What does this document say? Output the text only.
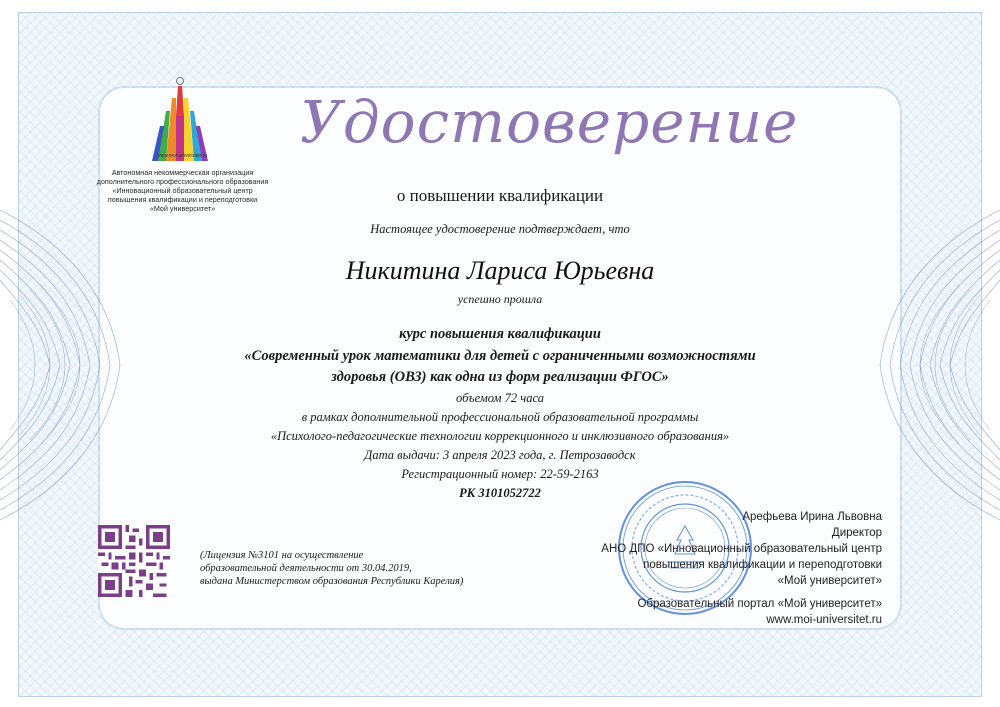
www.moi-universitet.ru
Автономная некоммерческая организация
дополнительного профессионального образования
«Инновационный образовательный центр
повышения квалификации и переподготовки
«Мой университет»
Удостоверение
о повышении квалификации
Настоящее удостоверение подтверждает, что
Никитина Лариса Юрьевна
успешно прошла
курс повышения квалификации
«Современный урок математики для детей с ограниченными возможностями
здоровья (ОВЗ) как одна из форм реализации ФГОС»
объемом 72 часа
в рамках дополнительной профессиональной образовательной программы
«Психолого-педагогические технологии коррекционного и инклюзивного образования»
Дата выдачи: 3 апреля 2023 года, г. Петрозаводск
Регистрационный номер: 22-59-2163
РК 3101052722
(Лицензия №3101 на осуществление
образовательной деятельности от 30.04.2019,
выдана Министерством образования Республики Карелия)
Арефьева Ирина Львовна
Директор
АНО ДПО «Инновационный образовательный центр
повышения квалификации и переподготовки
«Мой университет»
Образовательный портал «Мой университет»
www.moi-universitet.ru
